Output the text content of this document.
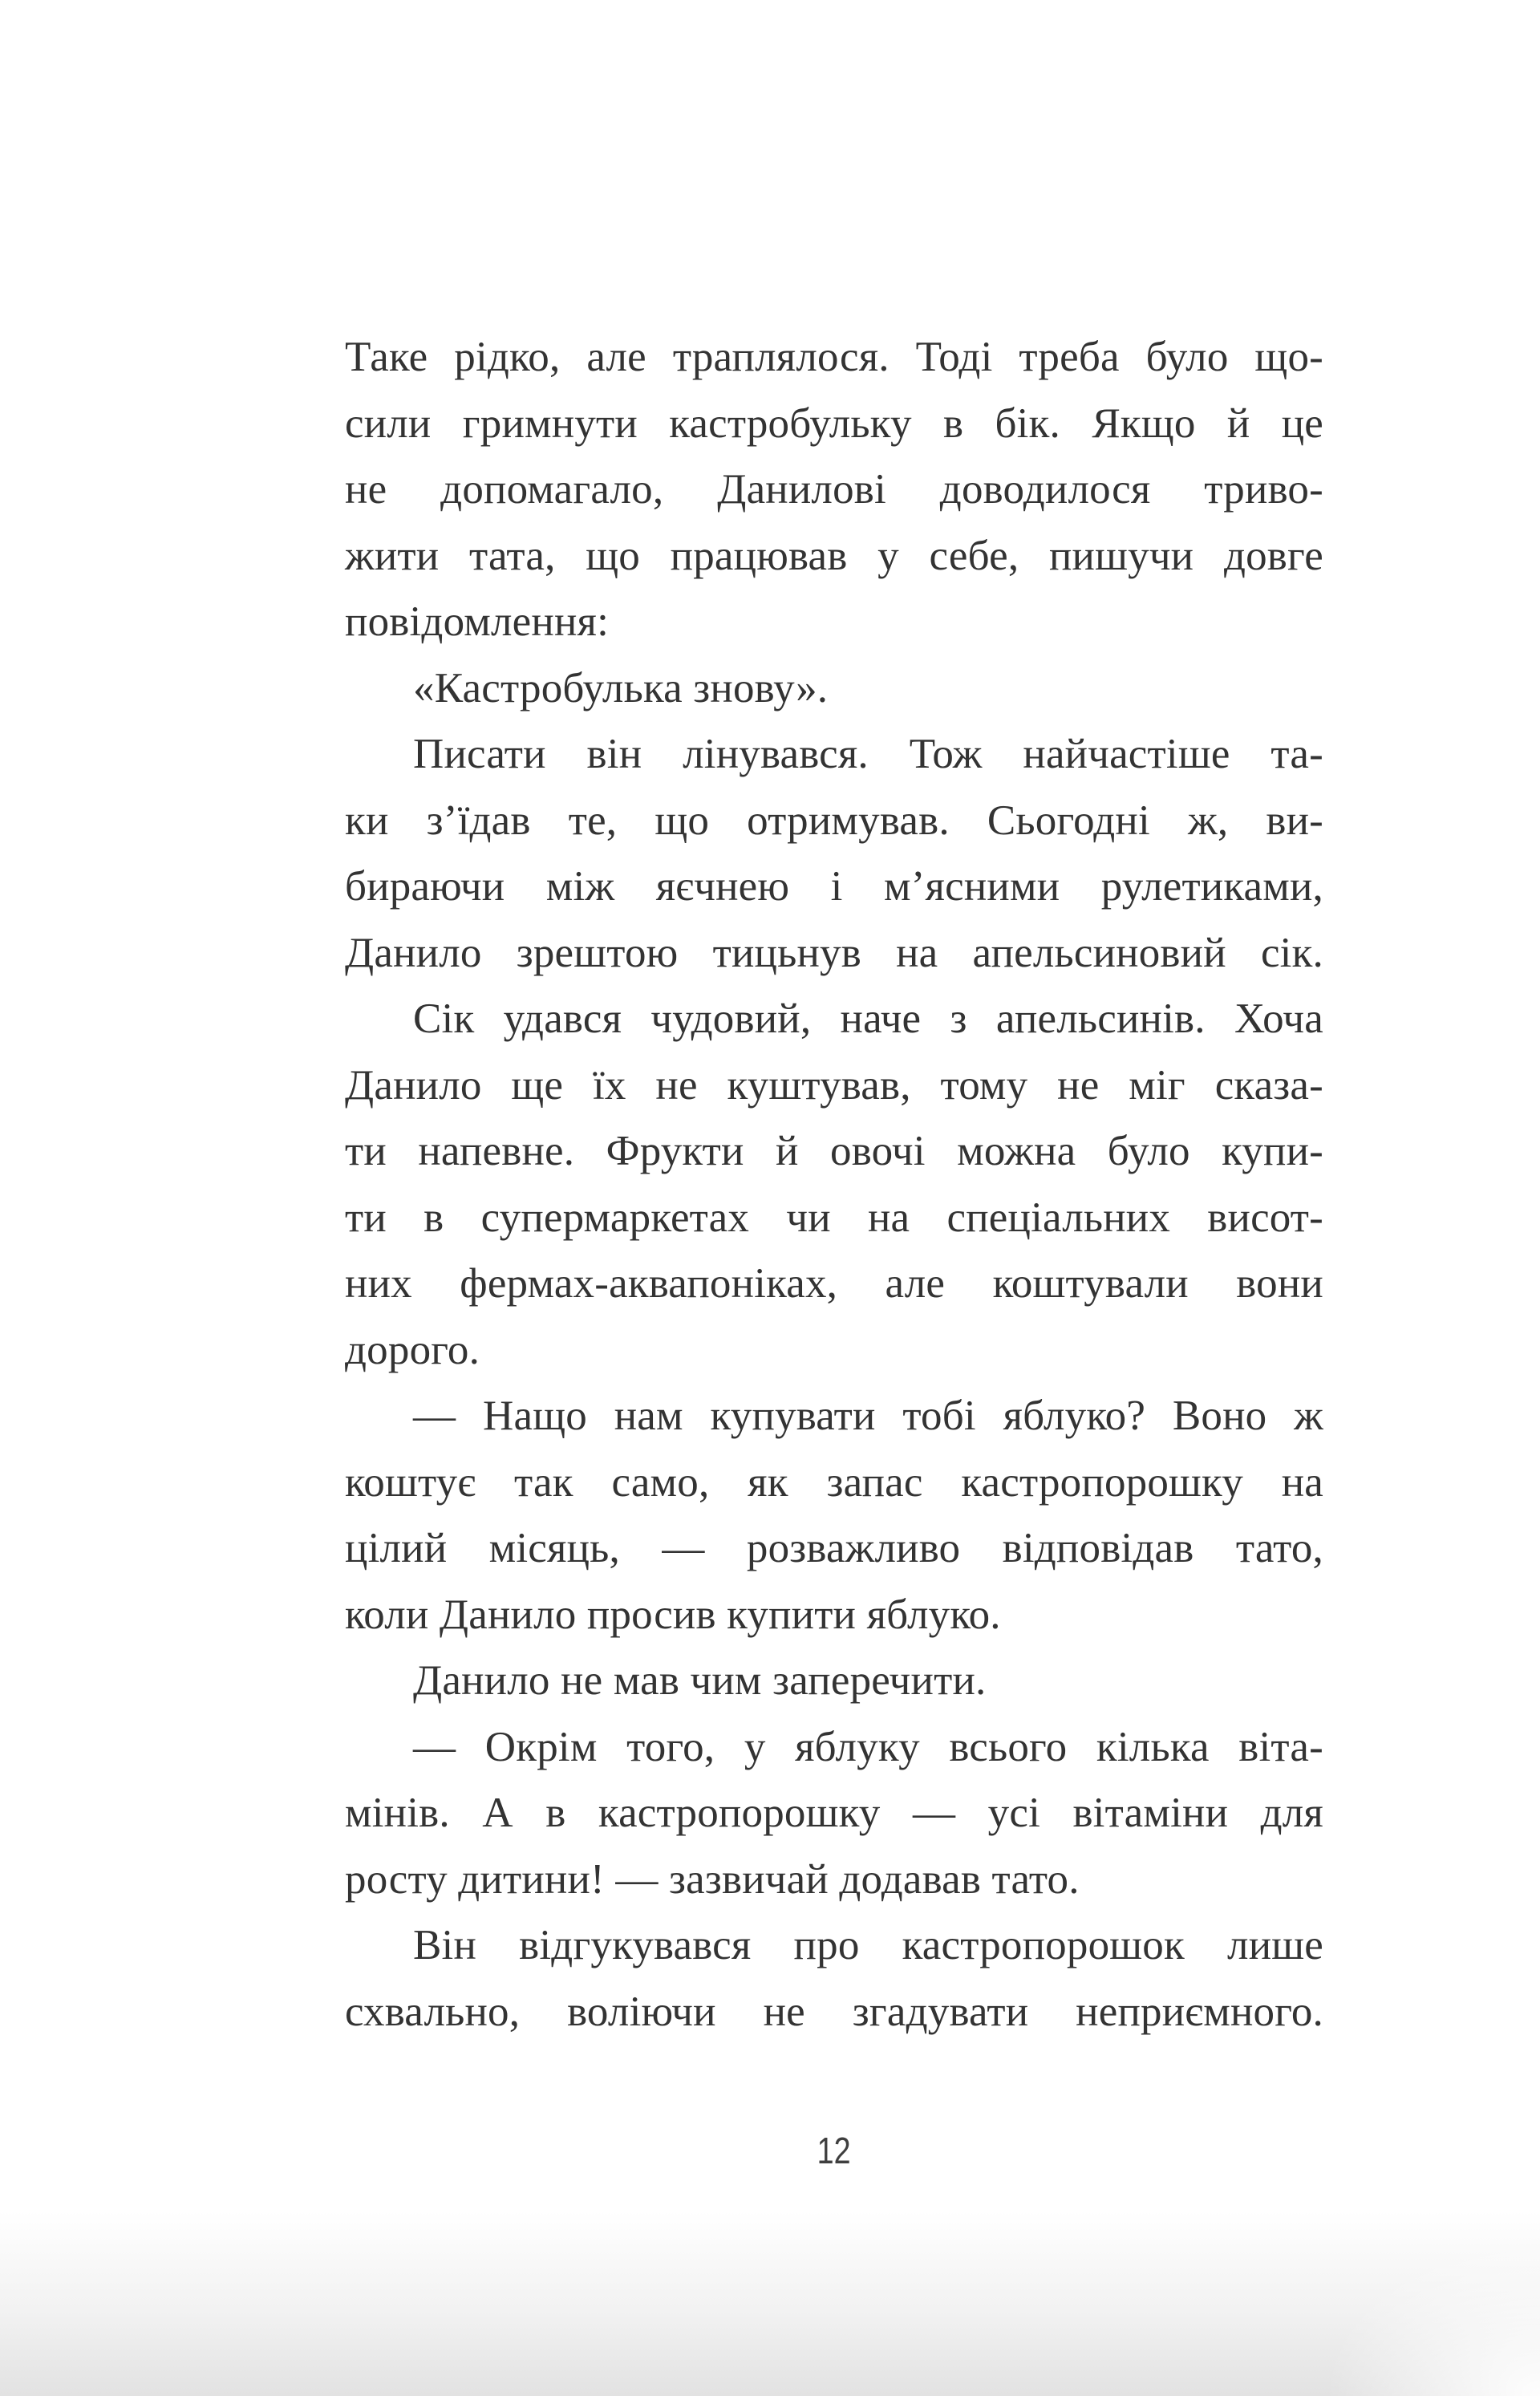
Таке рідко, але траплялося. Тоді треба було що-
сили гримнути кастробульку в бік. Якщо й це
не допомагало, Данилові доводилося триво-
жити тата, що працював у себе, пишучи довге
повідомлення:
«Кастробулька знову».
Писати він лінувався. Тож найчастіше та-
ки з’їдав те, що отримував. Сьогодні ж, ви-
бираючи між яєчнею і м’ясними рулетиками,
Данило зрештою тицьнув на апельсиновий сік.
Сік удався чудовий, наче з апельсинів. Хоча
Данило ще їх не куштував, тому не міг сказа-
ти напевне. Фрукти й овочі можна було купи-
ти в супермаркетах чи на спеціальних висот-
них фермах-аквапоніках, але коштували вони
дорого.
— Нащо нам купувати тобі яблуко? Воно ж
коштує так само, як запас кастропорошку на
цілий місяць, — розважливо відповідав тато,
коли Данило просив купити яблуко.
Данило не мав чим заперечити.
— Окрім того, у яблуку всього кілька віта-
мінів. А в кастропорошку — усі вітаміни для
росту дитини! — зазвичай додавав тато.
Він відгукувався про кастропорошок лише
схвально, воліючи не згадувати неприємного.
12
